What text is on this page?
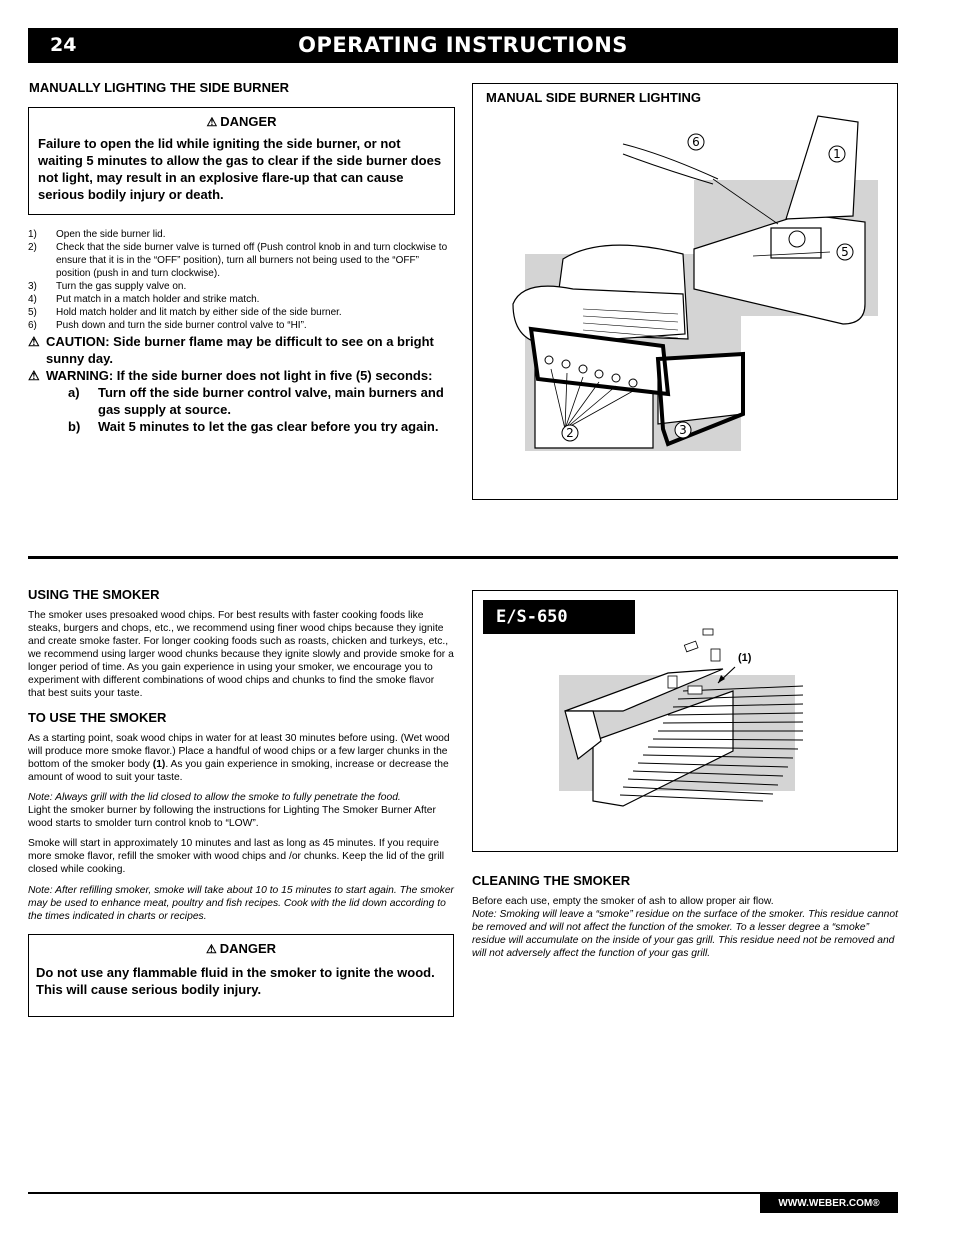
24	OPERATING INSTRUCTIONS
MANUALLY LIGHTING THE SIDE BURNER
⚠ DANGER
Failure to open the lid while igniting the side burner, or not waiting 5 minutes to allow the gas to clear if the side burner does not light, may result in an explosive flare-up that can cause serious bodily injury or death.
1)	Open the side burner lid.
2)	Check that the side burner valve is turned off (Push control knob in and turn clockwise to ensure that it is in the “OFF” position), turn all burners not being used to the “OFF” position (push in and turn clockwise).
3)	Turn the gas supply valve on.
4)	Put match in a match holder and strike match.
5)	Hold match holder and lit match by either side of the side burner.
6)	Push down and turn the side burner control valve to “HI”.
⚠ CAUTION: Side burner flame may be difficult to see on a bright sunny day.
⚠ WARNING: If the side burner does not light in five (5) seconds:
a)	Turn off the side burner control valve, main burners and gas supply at source.
b)	Wait 5 minutes to let the gas clear before you try again.
MANUAL SIDE BURNER LIGHTING
6
1
5
2	3
USING THE SMOKER
The smoker uses presoaked wood chips. For best results with faster cooking foods like steaks, burgers and chops, etc., we recommend using finer wood chips because they ignite and create smoke faster. For longer cooking foods such as roasts, chicken and turkeys, etc., we recommend using larger wood chunks because they ignite slowly and provide smoke for a longer period of time. As you gain experience in using your smoker, we encourage you to experiment with different combinations of wood chips and chunks to find the smoke flavor that best suits your taste.
TO USE THE SMOKER
As a starting point, soak wood chips in water for at least 30 minutes before using. (Wet wood will produce more smoke flavor.) Place a handful of wood chips or a few larger chunks in the bottom of the smoker body (1). As you gain experience in smoking, increase or decrease the amount of wood to suit your taste.
Note: Always grill with the lid closed to allow the smoke to fully penetrate the food.
Light the smoker burner by following the instructions for Lighting The Smoker Burner After wood starts to smolder turn control knob to “LOW”.
Smoke will start in approximately 10 minutes and last as long as 45 minutes. If you require more smoke flavor, refill the smoker with wood chips and /or chunks. Keep the lid of the grill closed while cooking.
Note: After refilling smoker, smoke will take about 10 to 15 minutes to start again. The smoker may be used to enhance meat, poultry and fish recipes. Cook with the lid down according to the times indicated in charts or recipes.
⚠ DANGER
Do not use any flammable fluid in the smoker to ignite the wood. This will cause serious bodily injury.
(1)
E/S-650
CLEANING THE SMOKER
Before each use, empty the smoker of ash to allow proper air flow.
Note: Smoking will leave a “smoke” residue on the surface of the smoker. This residue cannot be removed and will not affect the function of the smoker. To a lesser degree a “smoke” residue will accumulate on the inside of your gas grill. This residue need not be removed and will not adversely affect the function of your gas grill.
WWW.WEBER.COM®
